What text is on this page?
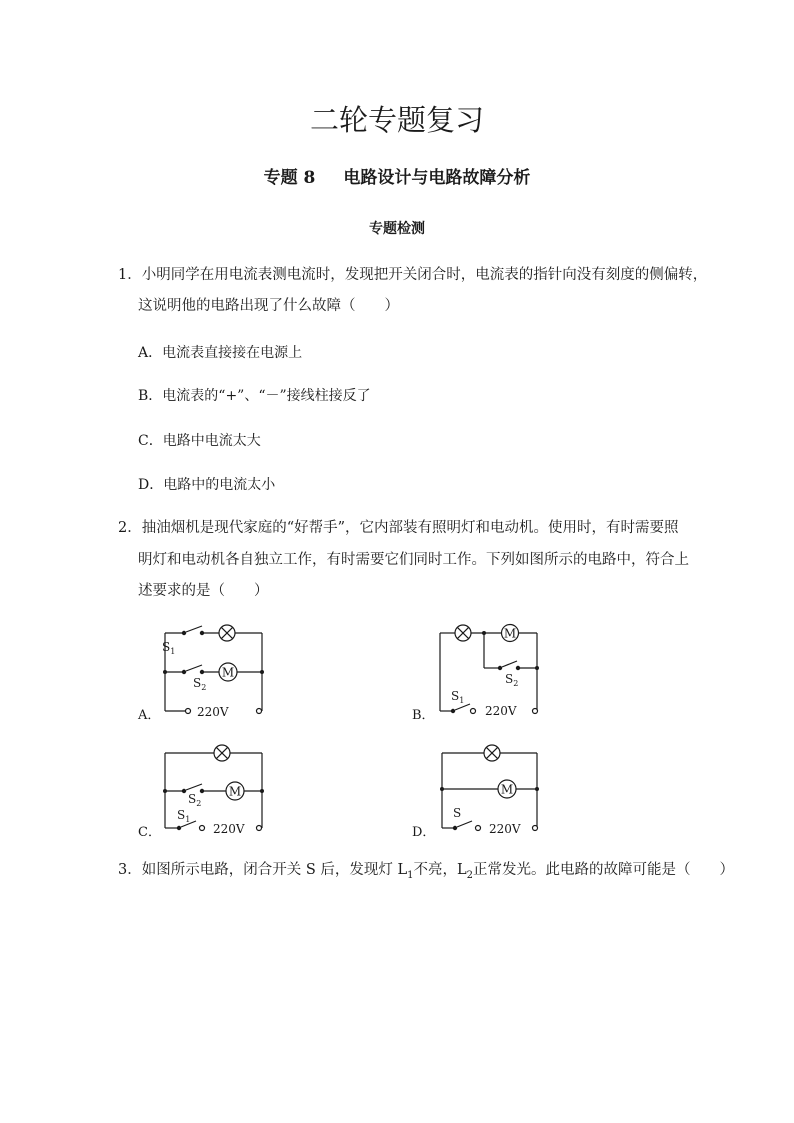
二轮专题复习
专题 8 电路设计与电路故障分析
专题检测
1．小明同学在用电流表测电流时，发现把开关闭合时，电流表的指针向没有刻度的侧偏转，
这说明他的电路出现了什么故障（　　）
A．电流表直接接在电源上
B．电流表的“+”、“－”接线柱接反了
C．电路中电流太大
D．电路中的电流太小
2．抽油烟机是现代家庭的“好帮手”，它内部装有照明灯和电动机。使用时，有时需要照
明灯和电动机各自独立工作，有时需要它们同时工作。下列如图所示的电路中，符合上
述要求的是（　　）
M
$S_1$
$S_2$
220V
A．
M
$S_2$
$S_1$
220V
B．
M
$S_2$
$S_1$
220V
C．
M
S
220V
D．
3．如图所示电路，闭合开关 S 后，发现灯 $L_1$不亮，$L_2$正常发光。此电路的故障可能是（　　）
